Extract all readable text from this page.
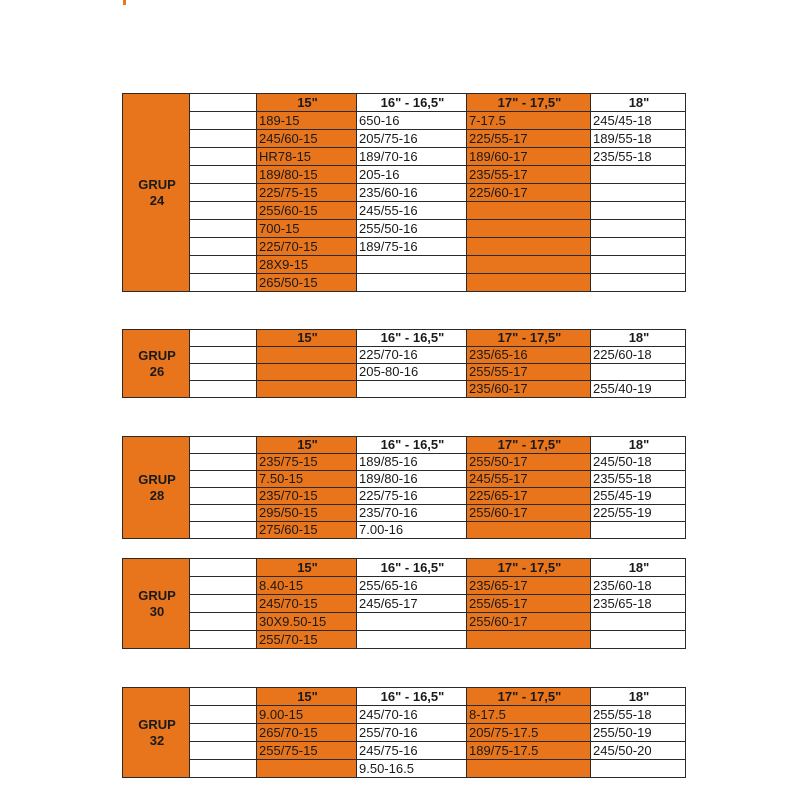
GRUP
24		15"	16" - 16,5"	17" - 17,5"	18"
		189-15	650-16	7-17.5	245/45-18
		245/60-15	205/75-16	225/55-17	189/55-18
		HR78-15	189/70-16	189/60-17	235/55-18
		189/80-15	205-16	235/55-17	
		225/75-15	235/60-16	225/60-17	
		255/60-15	245/55-16		
		700-15	255/50-16		
		225/70-15	189/75-16		
		28X9-15			
		265/50-15			
GRUP
26		15"	16" - 16,5"	17" - 17,5"	18"
			225/70-16	235/65-16	225/60-18
			205-80-16	255/55-17	
				235/60-17	255/40-19
GRUP
28		15"	16" - 16,5"	17" - 17,5"	18"
		235/75-15	189/85-16	255/50-17	245/50-18
		7.50-15	189/80-16	245/55-17	235/55-18
		235/70-15	225/75-16	225/65-17	255/45-19
		295/50-15	235/70-16	255/60-17	225/55-19
		275/60-15	7.00-16		
GRUP
30		15"	16" - 16,5"	17" - 17,5"	18"
		8.40-15	255/65-16	235/65-17	235/60-18
		245/70-15	245/65-17	255/65-17	235/65-18
		30X9.50-15		255/60-17	
		255/70-15			
GRUP
32		15"	16" - 16,5"	17" - 17,5"	18"
		9.00-15	245/70-16	8-17.5	255/55-18
		265/70-15	255/70-16	205/75-17.5	255/50-19
		255/75-15	245/75-16	189/75-17.5	245/50-20
			9.50-16.5		
